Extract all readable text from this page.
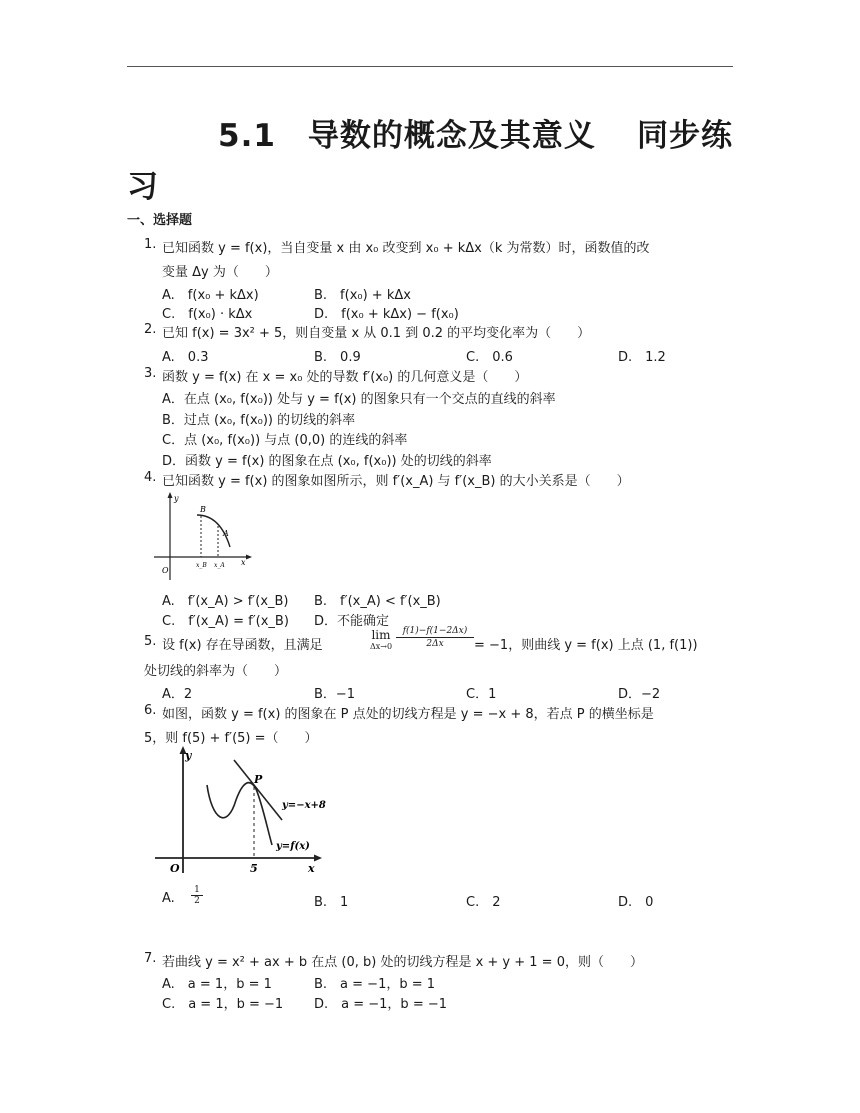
5.1　导数的概念及其意义 同步练
习
一、选择题
1. 已知函数 y = f(x)，当自变量 x 由 x₀ 改变到 x₀ + kΔx（k 为常数）时，函数值的改
变量 Δy 为（　　）
A.　f(x₀ + kΔx)	B.　f(x₀) + kΔx
C.　f(x₀) · kΔx	D.　f(x₀ + kΔx) − f(x₀)
2. 已知 f(x) = 3x² + 5，则自变量 x 从 0.1 到 0.2 的平均变化率为（　　）
A.　0.3	B.　0.9	C.　0.6	D.　1.2
3. 函数 y = f(x) 在 x = x₀ 处的导数 f′(x₀) 的几何意义是（　　）
A．在点 (x₀, f(x₀)) 处与 y = f(x) 的图象只有一个交点的直线的斜率
B．过点 (x₀, f(x₀)) 的切线的斜率
C．点 (x₀, f(x₀)) 与点 (0,0) 的连线的斜率
D．函数 y = f(x) 的图象在点 (x₀, f(x₀)) 处的切线的斜率
4. 已知函数 y = f(x) 的图象如图所示，则 f′(x_A) 与 f′(x_B) 的大小关系是（　　）
y
x
O
B
A
x_B x_A
A.　f′(x_A) > f′(x_B) B.　f′(x_A) < f′(x_B)
C.　f′(x_A) = f′(x_B) D．不能确定
5. 设 f(x) 存在导函数，且满足
lim
$\Delta x\to 0 \frac{f(1)-f(1-2\Delta x)}{2\Delta x} = -1$，则曲线 y = f(x) 上点 (1, f(1))
处切线的斜率为（　　）
A．2	B．−1	C．1	D．−2
6. 如图，函数 y = f(x) 的图象在 P 点处的切线方程是 y = −x + 8，若点 P 的横坐标是
5，则 f(5) + f′(5) =（　　）
y
x
O
P
5
y=−x+8
y=f(x)
A. $\frac{1}{2}$	B.　1	C.　2	D.　0
7. 若曲线 y = x² + ax + b 在点 (0, b) 处的切线方程是 x + y + 1 = 0，则（　　）
A.　a = 1，b = 1	B.　a = −1，b = 1
C.　a = 1，b = −1 D.　a = −1，b = −1
